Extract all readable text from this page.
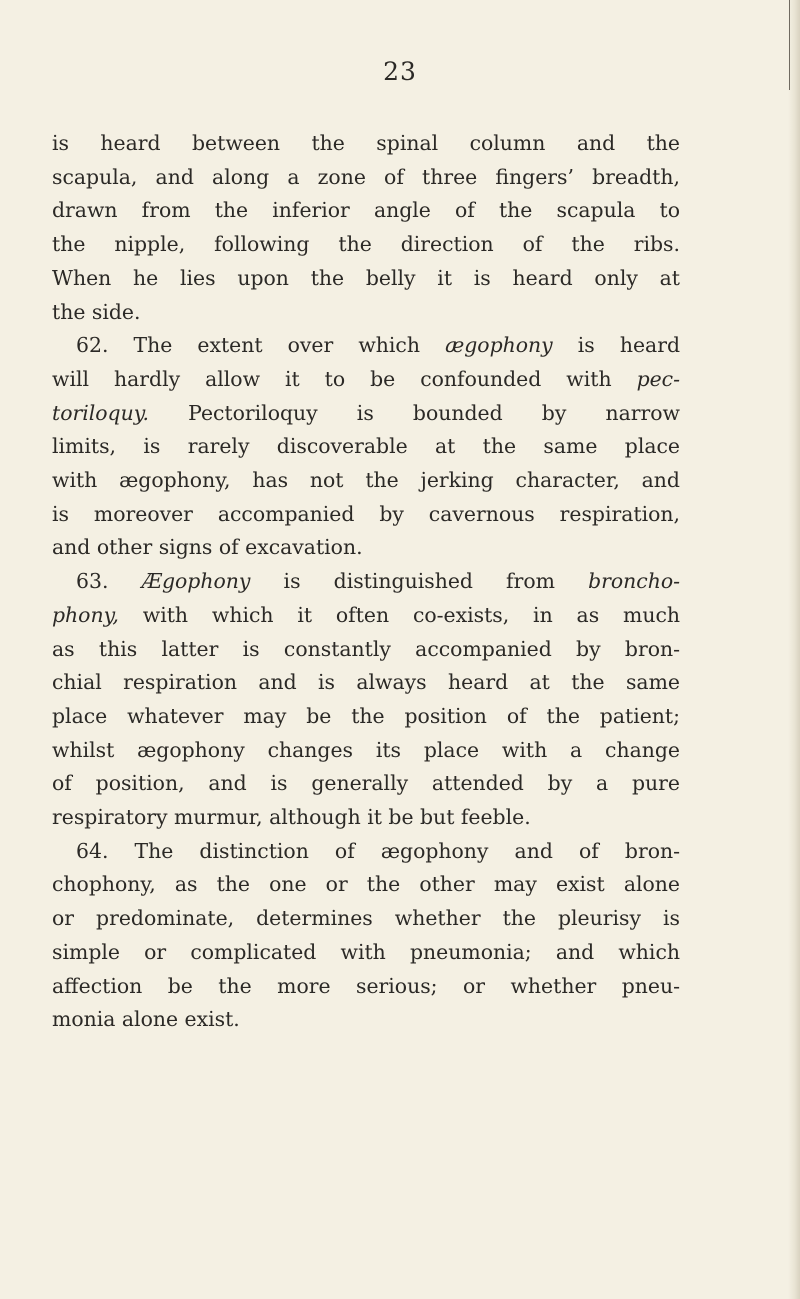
23
is heard between the spinal column and the
scapula, and along a zone of three fingers’ breadth,
drawn from the inferior angle of the scapula to
the nipple, following the direction of the ribs.
When he lies upon the belly it is heard only at
the side.
62. The extent over which ægophony is heard
will hardly allow it to be confounded with pec-
toriloquy. Pectoriloquy is bounded by narrow
limits, is rarely discoverable at the same place
with ægophony, has not the jerking character, and
is moreover accompanied by cavernous respiration,
and other signs of excavation.
63. Ægophony is distinguished from broncho-
phony, with which it often co-exists, in as much
as this latter is constantly accompanied by bron-
chial respiration and is always heard at the same
place whatever may be the position of the patient;
whilst ægophony changes its place with a change
of position, and is generally attended by a pure
respiratory murmur, although it be but feeble.
64. The distinction of ægophony and of bron-
chophony, as the one or the other may exist alone
or predominate, determines whether the pleurisy is
simple or complicated with pneumonia; and which
affection be the more serious; or whether pneu-
monia alone exist.
